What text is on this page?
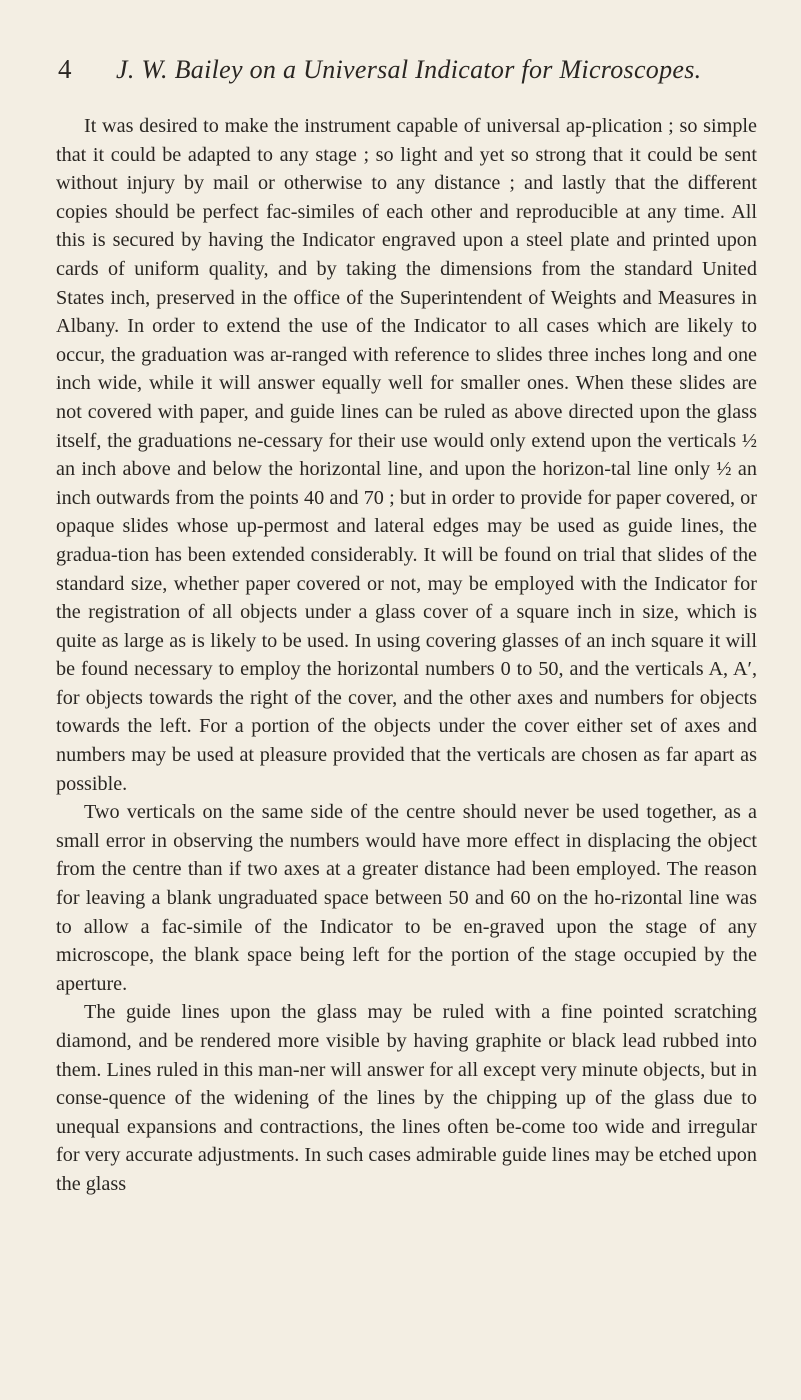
4	J. W. Bailey on a Universal Indicator for Microscopes.

It was desired to make the instrument capable of universal ap-plication ; so simple that it could be adapted to any stage ; so light and yet so strong that it could be sent without injury by mail or otherwise to any distance ; and lastly that the different copies should be perfect fac-similes of each other and reproducible at any time. All this is secured by having the Indicator engraved upon a steel plate and printed upon cards of uniform quality, and by taking the dimensions from the standard United States inch, preserved in the office of the Superintendent of Weights and Measures in Albany. In order to extend the use of the Indicator to all cases which are likely to occur, the graduation was ar-ranged with reference to slides three inches long and one inch wide, while it will answer equally well for smaller ones. When these slides are not covered with paper, and guide lines can be ruled as above directed upon the glass itself, the graduations ne-cessary for their use would only extend upon the verticals ½ an inch above and below the horizontal line, and upon the horizon-tal line only ½ an inch outwards from the points 40 and 70 ; but in order to provide for paper covered, or opaque slides whose up-permost and lateral edges may be used as guide lines, the gradua-tion has been extended considerably. It will be found on trial that slides of the standard size, whether paper covered or not, may be employed with the Indicator for the registration of all objects under a glass cover of a square inch in size, which is quite as large as is likely to be used. In using covering glasses of an inch square it will be found necessary to employ the horizontal numbers 0 to 50, and the verticals A, A′, for objects towards the right of the cover, and the other axes and numbers for objects towards the left. For a portion of the objects under the cover either set of axes and numbers may be used at pleasure provided that the verticals are chosen as far apart as possible.

Two verticals on the same side of the centre should never be used together, as a small error in observing the numbers would have more effect in displacing the object from the centre than if two axes at a greater distance had been employed. The reason for leaving a blank ungraduated space between 50 and 60 on the ho-rizontal line was to allow a fac-simile of the Indicator to be en-graved upon the stage of any microscope, the blank space being left for the portion of the stage occupied by the aperture.

The guide lines upon the glass may be ruled with a fine pointed scratching diamond, and be rendered more visible by having graphite or black lead rubbed into them. Lines ruled in this man-ner will answer for all except very minute objects, but in conse-quence of the widening of the lines by the chipping up of the glass due to unequal expansions and contractions, the lines often be-come too wide and irregular for very accurate adjustments. In such cases admirable guide lines may be etched upon the glass
